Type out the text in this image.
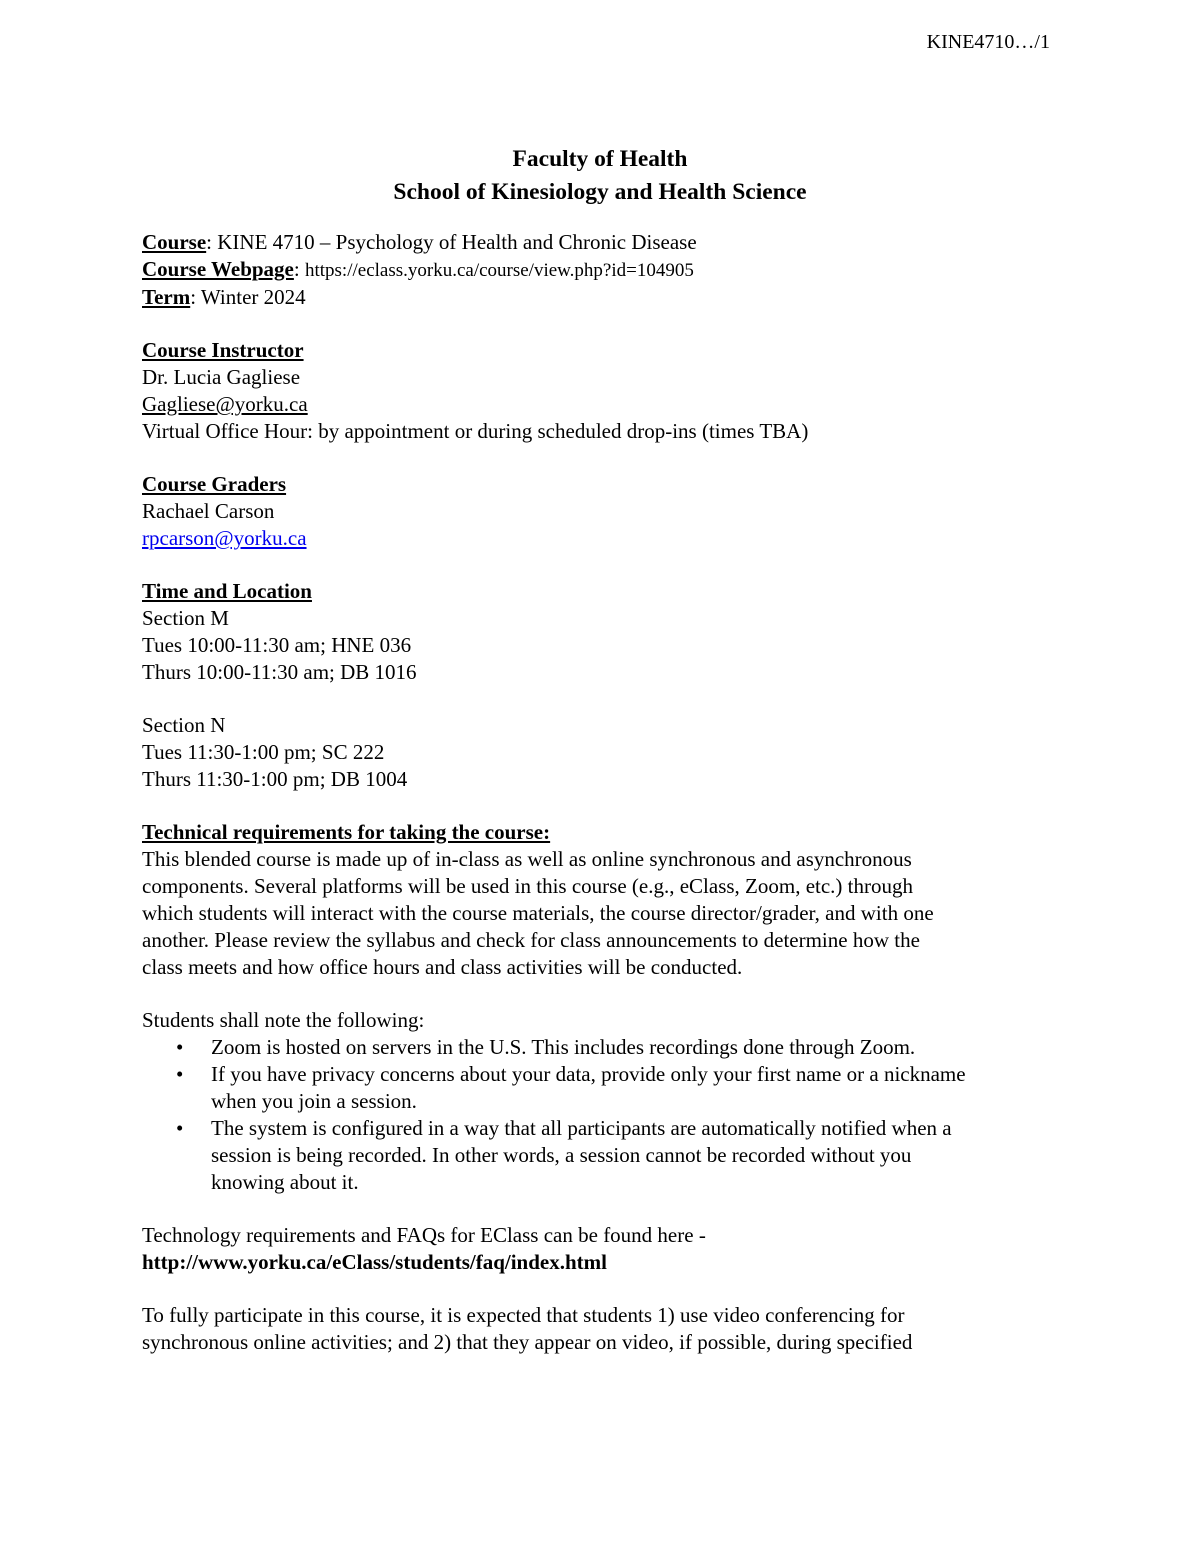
KINE4710…/1
Faculty of Health
School of Kinesiology and Health Science
Course: KINE 4710 – Psychology of Health and Chronic Disease
Course Webpage: https://eclass.yorku.ca/course/view.php?id=104905
Term: Winter 2024
Course Instructor
Dr. Lucia Gagliese
Gagliese@yorku.ca
Virtual Office Hour: by appointment or during scheduled drop-ins (times TBA)
Course Graders
Rachael Carson
rpcarson@yorku.ca
Time and Location
Section M
Tues 10:00-11:30 am; HNE 036
Thurs 10:00-11:30 am; DB 1016
Section N
Tues 11:30-1:00 pm; SC 222
Thurs 11:30-1:00 pm; DB 1004
Technical requirements for taking the course:
This blended course is made up of in-class as well as online synchronous and asynchronous
components. Several platforms will be used in this course (e.g., eClass, Zoom, etc.) through
which students will interact with the course materials, the course director/grader, and with one
another. Please review the syllabus and check for class announcements to determine how the
class meets and how office hours and class activities will be conducted.
Students shall note the following:
• Zoom is hosted on servers in the U.S. This includes recordings done through Zoom.
• If you have privacy concerns about your data, provide only your first name or a nickname
when you join a session.
• The system is configured in a way that all participants are automatically notified when a
session is being recorded. In other words, a session cannot be recorded without you
knowing about it.
Technology requirements and FAQs for EClass can be found here -
http://www.yorku.ca/eClass/students/faq/index.html
To fully participate in this course, it is expected that students 1) use video conferencing for
synchronous online activities; and 2) that they appear on video, if possible, during specified
